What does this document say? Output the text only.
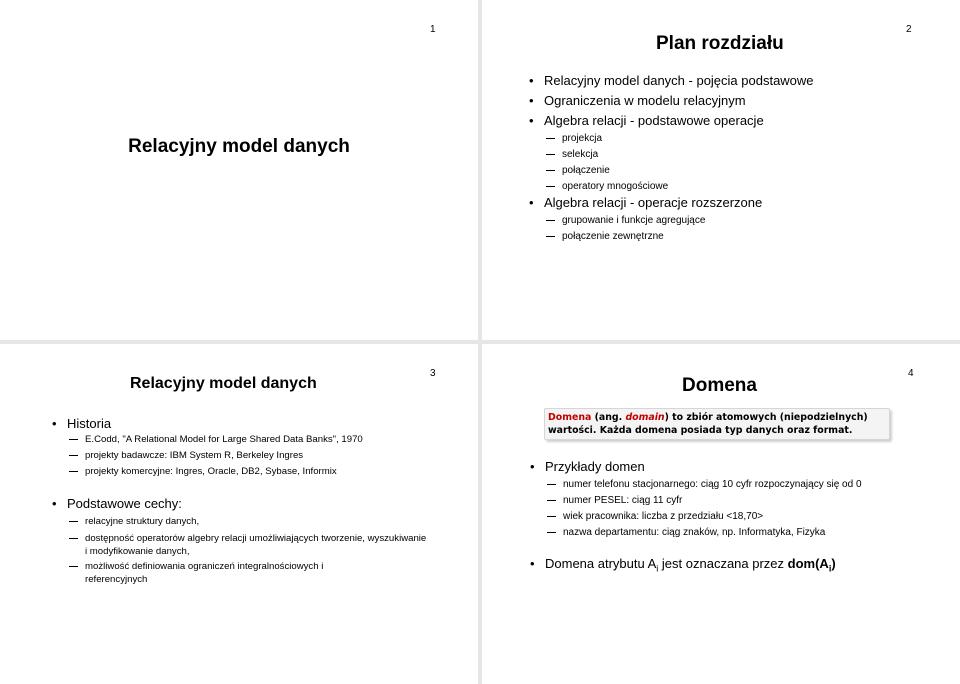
1
Relacyjny model danych
2
Plan rozdziału
• Relacyjny model danych - pojęcia podstawowe
• Ograniczenia w modelu relacyjnym
• Algebra relacji - podstawowe operacje
projekcja
selekcja
połączenie
operatory mnogościowe
• Algebra relacji - operacje rozszerzone
grupowanie i funkcje agregujące
połączenie zewnętrzne
3
Relacyjny model danych
• Historia
E.Codd, "A Relational Model for Large Shared Data Banks", 1970
projekty badawcze: IBM System R, Berkeley Ingres
projekty komercyjne: Ingres, Oracle, DB2, Sybase, Informix
• Podstawowe cechy:
relacyjne struktury danych,
dostępność operatorów algebry relacji umożliwiających tworzenie, wyszukiwanie i modyfikowanie danych,
możliwość definiowania ograniczeń integralnościowych i referencyjnych
4
Domena
Domena (ang. domain) to zbiór atomowych (niepodzielnych) wartości. Każda domena posiada typ danych oraz format.
• Przykłady domen
numer telefonu stacjonarnego: ciąg 10 cyfr rozpoczynający się od 0
numer PESEL: ciąg 11 cyfr
wiek pracownika: liczba z przedziału <18,70>
nazwa departamentu: ciąg znaków, np. Informatyka, Fizyka
• Domena atrybutu $A_i$ jest oznaczana przez $dom(A_i)$
